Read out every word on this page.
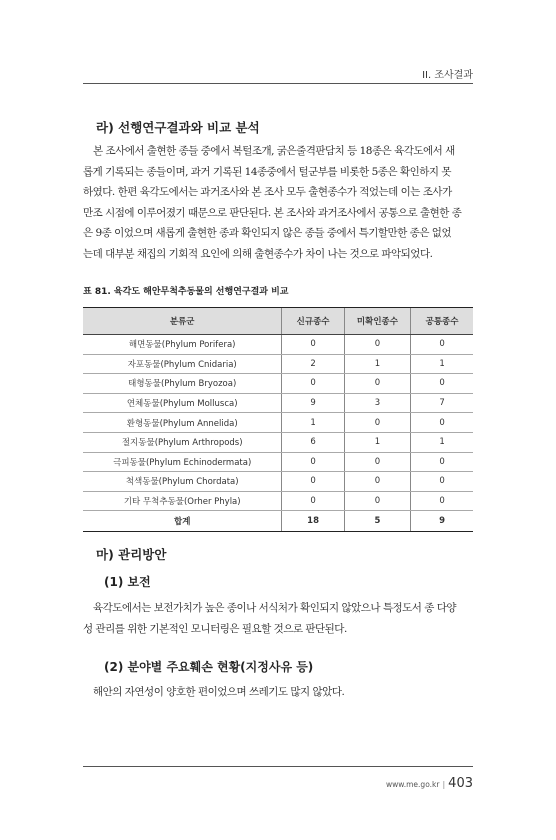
II. 조사결과
라) 선행연구결과와 비교 분석

본 조사에서 출현한 종들 중에서 복털조개, 굵은줄격판담치 등 18종은 육각도에서 새
롭게 기록되는 종들이며, 과거 기록된 14종중에서 털군부를 비롯한 5종은 확인하지 못
하였다. 한편 육각도에서는 과거조사와 본 조사 모두 출현종수가 적었는데 이는 조사가
만조 시점에 이루어졌기 때문으로 판단된다. 본 조사와 과거조사에서 공통으로 출현한 종
은 9종 이었으며 새롭게 출현한 종과 확인되지 않은 종들 중에서 특기할만한 종은 없었
는데 대부분 채집의 기회적 요인에 의해 출현종수가 차이 나는 것으로 파악되었다.

표 81. 육각도 해안무척추동물의 선행연구결과 비교
분류군	신규종수	미확인종수	공통종수
해면동물(Phylum Porifera)	0	0	0
자포동물(Phylum Cnidaria)	2	1	1
태형동물(Phylum Bryozoa)	0	0	0
연체동물(Phylum Mollusca)	9	3	7
환형동물(Phylum Annelida)	1	0	0
절지동물(Phylum Arthropods)	6	1	1
극피동물(Phylum Echinodermata)	0	0	0
척색동물(Phylum Chordata)	0	0	0
기타 무척추동물(Orher Phyla)	0	0	0
합계	18	5	9
마) 관리방안
(1) 보전

육각도에서는 보전가치가 높은 종이나 서식처가 확인되지 않았으나 특정도서 종 다양
성 관리를 위한 기본적인 모니터링은 필요할 것으로 판단된다.

(2) 분야별 주요훼손 현황(지정사유 등)

해안의 자연성이 양호한 편이었으며 쓰레기도 많지 않았다.

www.me.go.kr | 403
